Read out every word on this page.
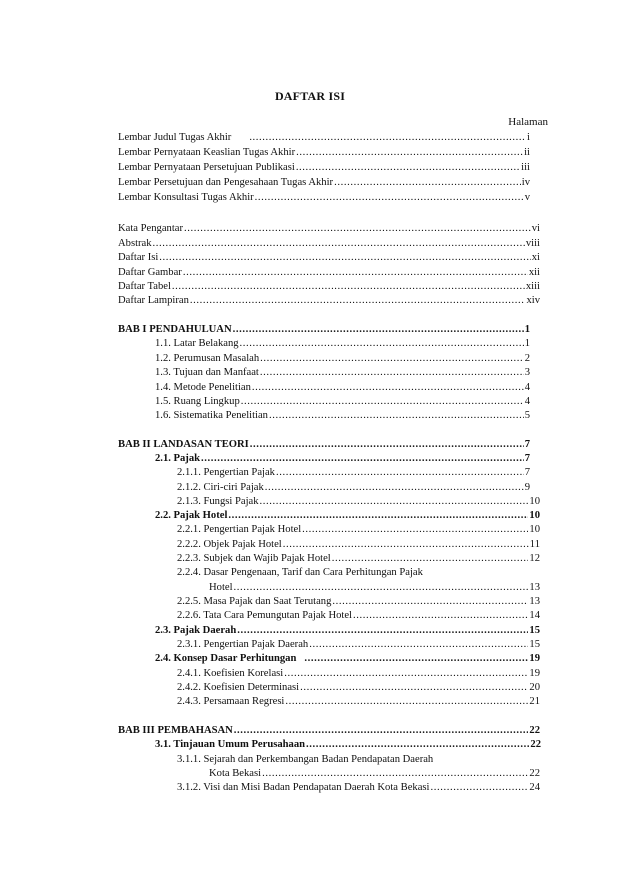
DAFTAR ISI
Halaman
Lembar Judul Tugas Akhir .....	i
Lembar Pernyataan Keaslian Tugas Akhir .....	ii
Lembar Pernyataan Persetujuan Publikasi .....	iii
Lembar Persetujuan dan Pengesahaan Tugas Akhir .....	iv
Lembar Konsultasi Tugas Akhir .....	v
Kata Pengantar .....	vi
Abstrak .....	viii
Daftar Isi .....	xi
Daftar Gambar .....	xii
Daftar Tabel .....	xiii
Daftar Lampiran .....	xiv
BAB I PENDAHULUAN .....	1
1.1. Latar Belakang .....	1
1.2. Perumusan Masalah .....	2
1.3. Tujuan dan Manfaat .....	3
1.4. Metode Penelitian .....	4
1.5. Ruang Lingkup .....	4
1.6. Sistematika Penelitian .....	5
BAB II LANDASAN TEORI .....	7
2.1. Pajak .....	7
2.1.1. Pengertian Pajak .....	7
2.1.2. Ciri-ciri Pajak .....	9
2.1.3. Fungsi Pajak .....	10
2.2. Pajak Hotel .....	10
2.2.1. Pengertian Pajak Hotel .....	10
2.2.2. Objek Pajak Hotel .....	11
2.2.3. Subjek dan Wajib Pajak Hotel .....	12
2.2.4. Dasar Pengenaan, Tarif dan Cara Perhitungan Pajak
Hotel .....	13
2.2.5. Masa Pajak dan Saat Terutang .....	13
2.2.6. Tata Cara Pemungutan Pajak Hotel .....	14
2.3. Pajak Daerah .....	15
2.3.1. Pengertian Pajak Daerah .....	15
2.4. Konsep Dasar Perhitungan .....	19
2.4.1. Koefisien Korelasi .....	19
2.4.2. Koefisien Determinasi .....	20
2.4.3. Persamaan Regresi .....	21
BAB III PEMBAHASAN .....	22
3.1. Tinjauan Umum Perusahaan .....	22
3.1.1. Sejarah dan Perkembangan Badan Pendapatan Daerah
Kota Bekasi .....	22
3.1.2. Visi dan Misi Badan Pendapatan Daerah Kota Bekasi .....	24
